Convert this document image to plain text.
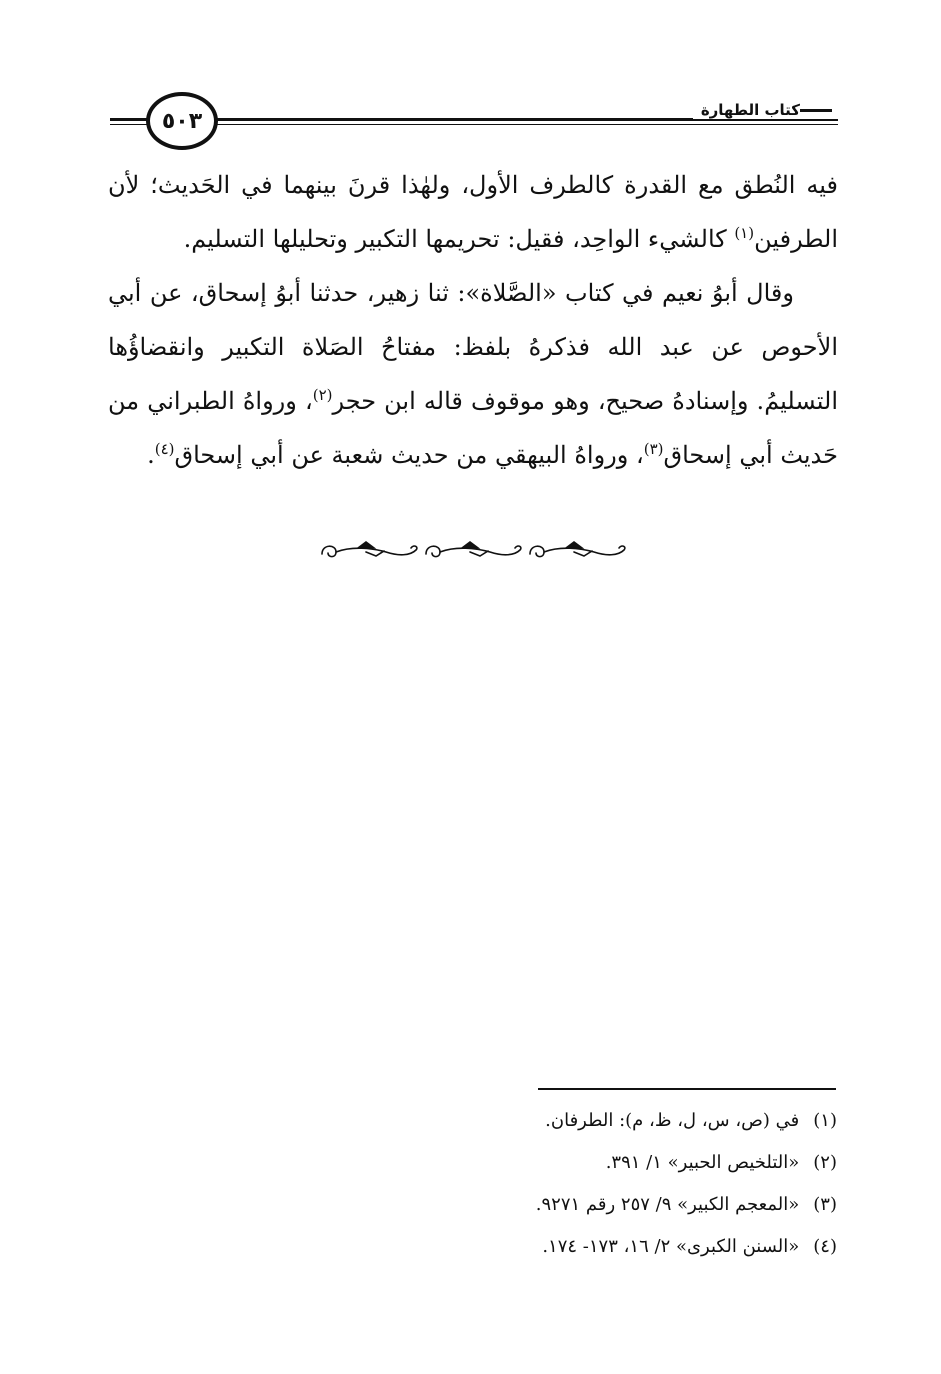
كتاب الطهارة
٥٠٣

فيه النُطق مع القدرة كالطرف الأول، ولهٰذا قرنَ بينهما في الحَديث؛ لأن الطرفين$^{(١)}$ كالشيء الواحِد، فقيل: تحريمها التكبير وتحليلها التسليم.

وقال أبوُ نعيم في كتاب «الصَّلاة»: ثنا زهير، حدثنا أبوُ إسحاق، عن أبي الأحوص عن عبد الله فذكرهُ بلفظ: مفتاحُ الصَلاة التكبير وانقضاؤُها التسليمُ. وإسنادهُ صحيح، وهو موقوف قاله ابن حجر$^{(٢)}$، ورواهُ الطبراني من حَديث أبي إسحاق$^{(٣)}$، ورواهُ البيهقي من حديث شعبة عن أبي إسحاق$^{(٤)}$.

(١)في (ص، س، ل، ظ، م): الطرفان.
(٢)«التلخيص الحبير» ١/ ٣٩١.
(٣)«المعجم الكبير» ٩/ ٢٥٧ رقم ٩٢٧١.
(٤)«السنن الكبرى» ٢/ ١٦، ١٧٣- ١٧٤.
